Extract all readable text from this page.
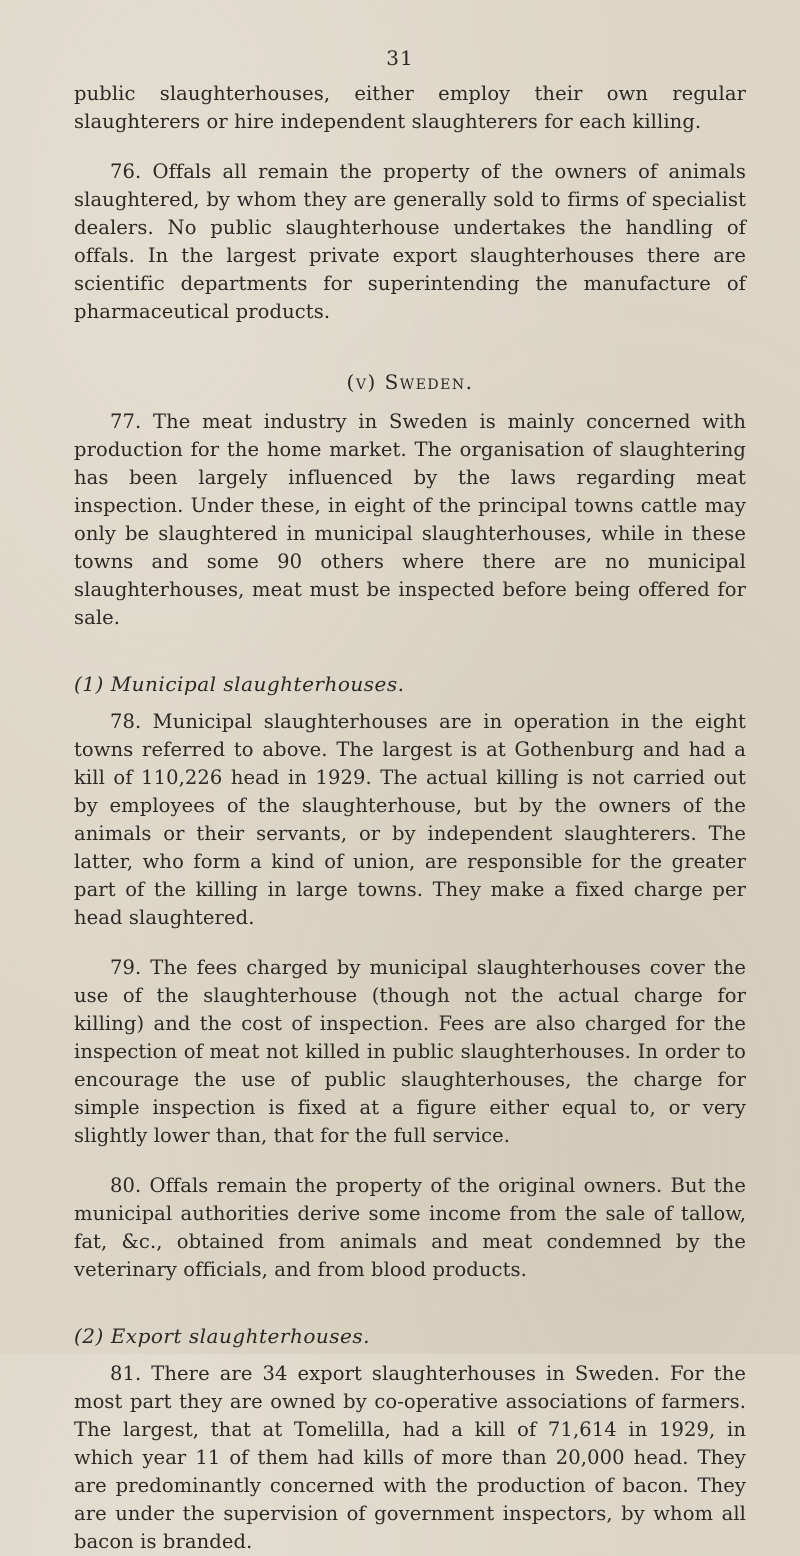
31

public slaughterhouses, either employ their own regular slaughterers or hire independent slaughterers for each killing.

76. Offals all remain the property of the owners of animals slaughtered, by whom they are generally sold to firms of specialist dealers. No public slaughterhouse undertakes the handling of offals. In the largest private export slaughterhouses there are scientific departments for superintending the manufacture of pharmaceutical products.

(v) Sweden.

77. The meat industry in Sweden is mainly concerned with production for the home market. The organisation of slaughtering has been largely influenced by the laws regarding meat inspection. Under these, in eight of the principal towns cattle may only be slaughtered in municipal slaughterhouses, while in these towns and some 90 others where there are no municipal slaughterhouses, meat must be inspected before being offered for sale.

(1) Municipal slaughterhouses.

78. Municipal slaughterhouses are in operation in the eight towns referred to above. The largest is at Gothenburg and had a kill of 110,226 head in 1929. The actual killing is not carried out by employees of the slaughterhouse, but by the owners of the animals or their servants, or by independent slaughterers. The latter, who form a kind of union, are responsible for the greater part of the killing in large towns. They make a fixed charge per head slaughtered.

79. The fees charged by municipal slaughterhouses cover the use of the slaughterhouse (though not the actual charge for killing) and the cost of inspection. Fees are also charged for the inspection of meat not killed in public slaughterhouses. In order to encourage the use of public slaughterhouses, the charge for simple inspection is fixed at a figure either equal to, or very slightly lower than, that for the full service.

80. Offals remain the property of the original owners. But the municipal authorities derive some income from the sale of tallow, fat, &c., obtained from animals and meat condemned by the veterinary officials, and from blood products.

(2) Export slaughterhouses.

81. There are 34 export slaughterhouses in Sweden. For the most part they are owned by co-operative associations of farmers. The largest, that at Tomelilla, had a kill of 71,614 in 1929, in which year 11 of them had kills of more than 20,000 head. They are predominantly concerned with the production of bacon. They are under the supervision of government inspectors, by whom all bacon is branded.
